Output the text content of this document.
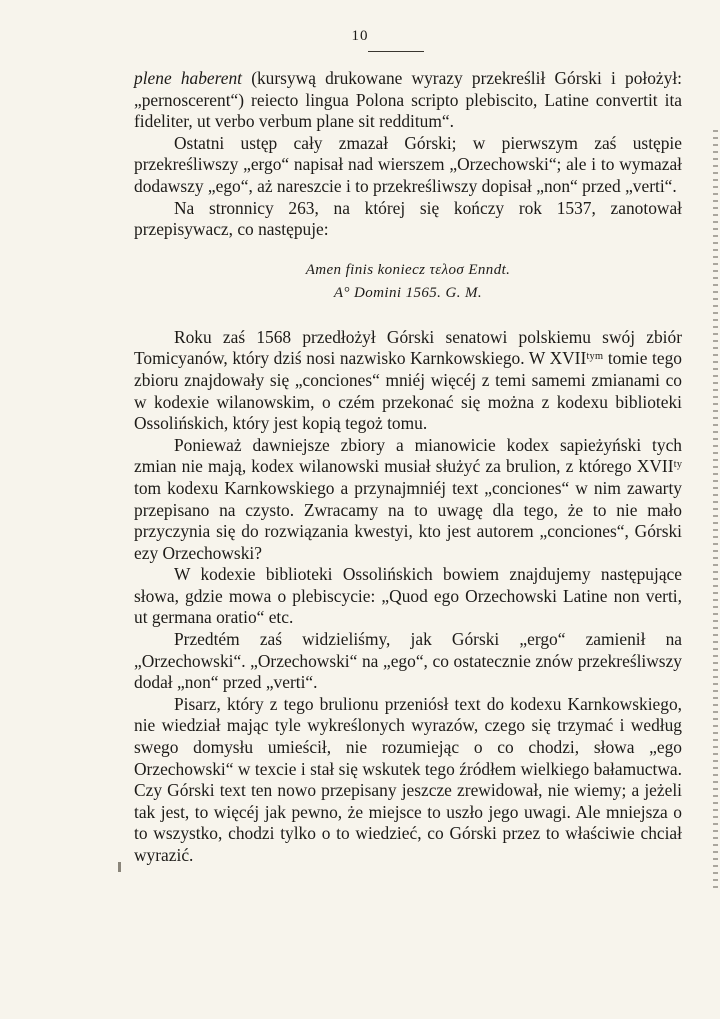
10

plene haberent (kursywą drukowane wyrazy przekreślił Górski i położył: „pernoscerent“) reiecto lingua Polona scripto plebiscito, Latine convertit ita fideliter, ut verbo verbum plane sit redditum“.

Ostatni ustęp cały zmazał Górski; w pierwszym zaś ustępie przekreśliwszy „ergo“ napisał nad wierszem „Orzechowski“; ale i to wymazał dodawszy „ego“, aż nareszcie i to przekreśliwszy dopisał „non“ przed „verti“.

Na stronnicy 263, na której się kończy rok 1537, zanotował przepisywacz, co następuje:

Amen finis koniecz τελοσ Enndt.
A° Domini 1565. G. M.

Roku zaś 1568 przedłożył Górski senatowi polskiemu swój zbiór Tomicyanów, który dziś nosi nazwisko Karnkowskiego. W XVIIᵗʸᵐ tomie tego zbioru znajdowały się „conciones“ mniéj więcéj z temi samemi zmianami co w kodexie wilanowskim, o czém przekonać się można z kodexu biblioteki Ossolińskich, który jest kopią tegoż tomu.

Ponieważ dawniejsze zbiory a mianowicie kodex sapieżyński tych zmian nie mają, kodex wilanowski musiał służyć za brulion, z którego XVIIᵗʸ tom kodexu Karnkowskiego a przynajmniéj text „conciones“ w nim zawarty przepisano na czysto. Zwracamy na to uwagę dla tego, że to nie mało przyczynia się do rozwiązania kwestyi, kto jest autorem „conciones“, Górski ezy Orzechowski?

W kodexie biblioteki Ossolińskich bowiem znajdujemy następujące słowa, gdzie mowa o plebiscycie: „Quod ego Orzechowski Latine non verti, ut germana oratio“ etc.

Przedtém zaś widzieliśmy, jak Górski „ergo“ zamienił na „Orzechowski“. „Orzechowski“ na „ego“, co ostatecznie znów przekreśliwszy dodał „non“ przed „verti“.

Pisarz, który z tego brulionu przeniósł text do kodexu Karnkowskiego, nie wiedział mając tyle wykreślonych wyrazów, czego się trzymać i według swego domysłu umieścił, nie rozumiejąc o co chodzi, słowa „ego Orzechowski“ w texcie i stał się wskutek tego źródłem wielkiego bałamuctwa. Czy Górski text ten nowo przepisany jeszcze zrewidował, nie wiemy; a jeżeli tak jest, to więcéj jak pewno, że miejsce to uszło jego uwagi. Ale mniejsza o to wszystko, chodzi tylko o to wiedzieć, co Górski przez to właściwie chciał wyrazić.
